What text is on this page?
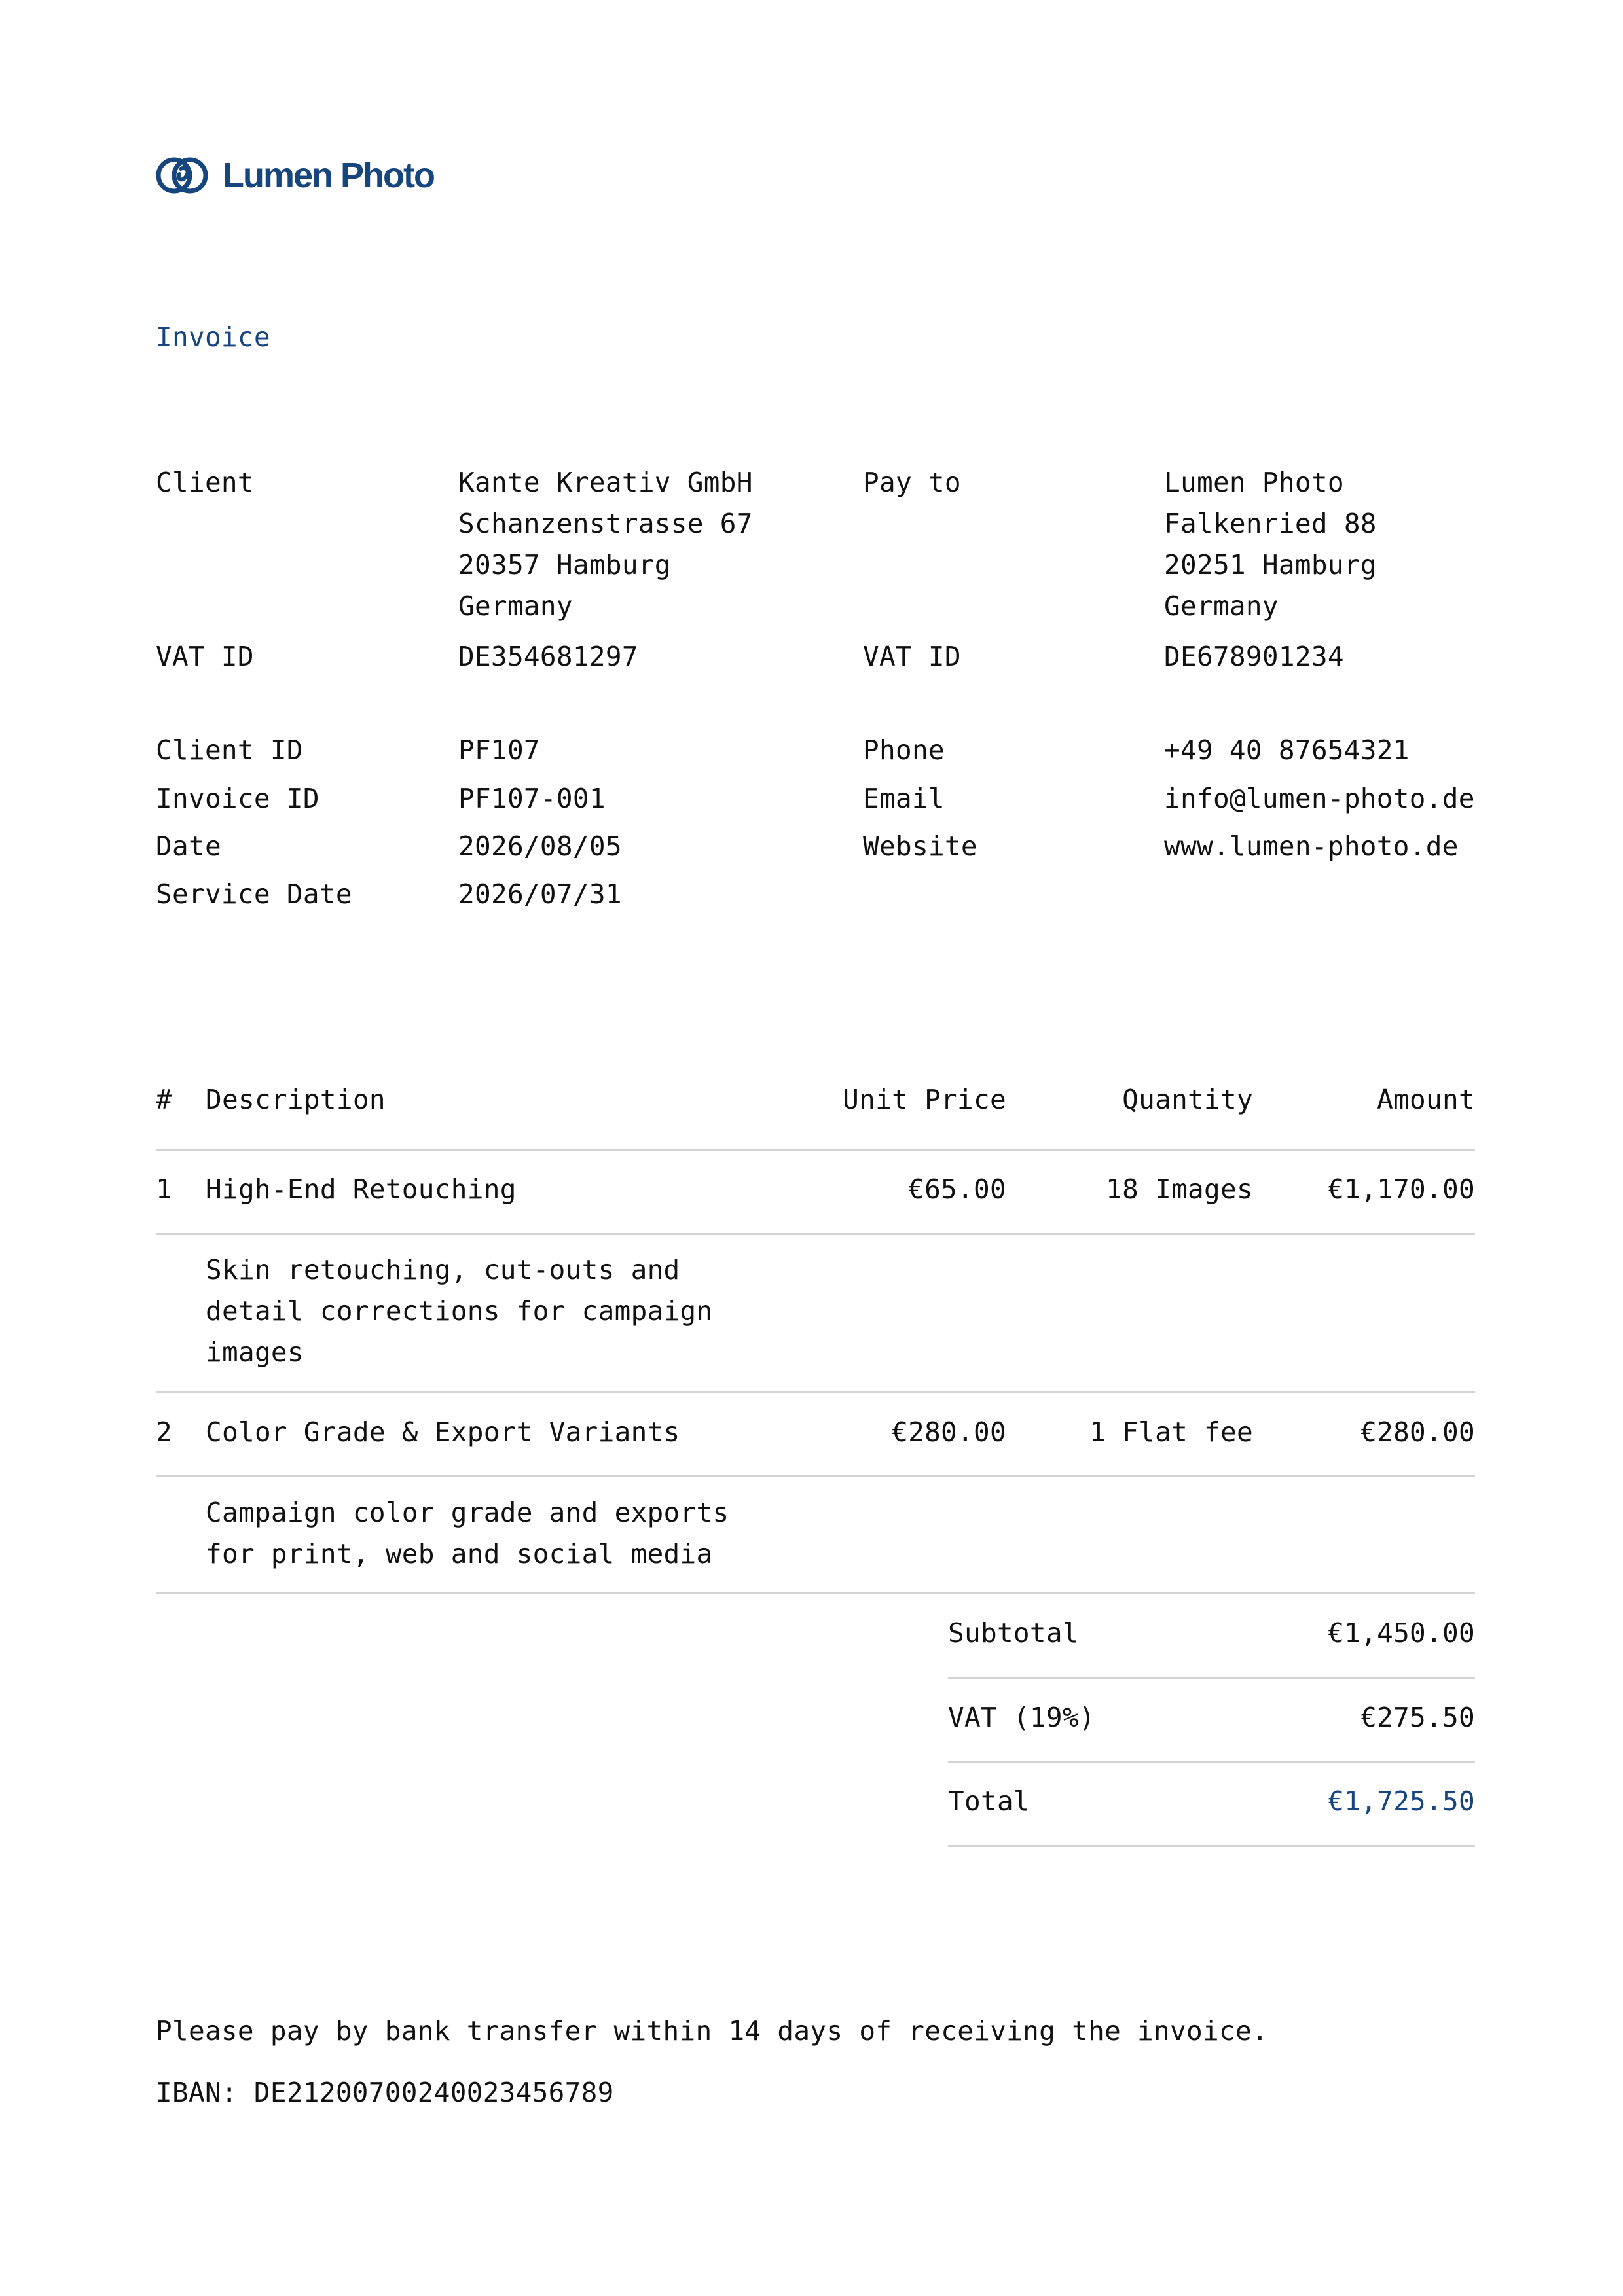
Lumen Photo
Invoice
Client	Kante Kreativ GmbH
Schanzenstrasse 67
20357 Hamburg
Germany
VAT ID	DE354681297
Pay to	Lumen Photo
Falkenried 88
20251 Hamburg
Germany
VAT ID	DE678901234
Client ID	PF107
Invoice ID	PF107-001
Date	2026/08/05
Service Date	2026/07/31
Phone	+49 40 87654321
Email	info@lumen-photo.de
Website	www.lumen-photo.de
# Description	Unit Price	Quantity	Amount
1 High-End Retouching	€65.00	18 Images	€1,170.00
Skin retouching, cut-outs and
detail corrections for campaign
images
2 Color Grade & Export Variants	€280.00	1 Flat fee	€280.00
Campaign color grade and exports
for print, web and social media
Subtotal	€1,450.00
VAT (19%)	€275.50
Total	€1,725.50
Please pay by bank transfer within 14 days of receiving the invoice.
IBAN: DE21200700240023456789
